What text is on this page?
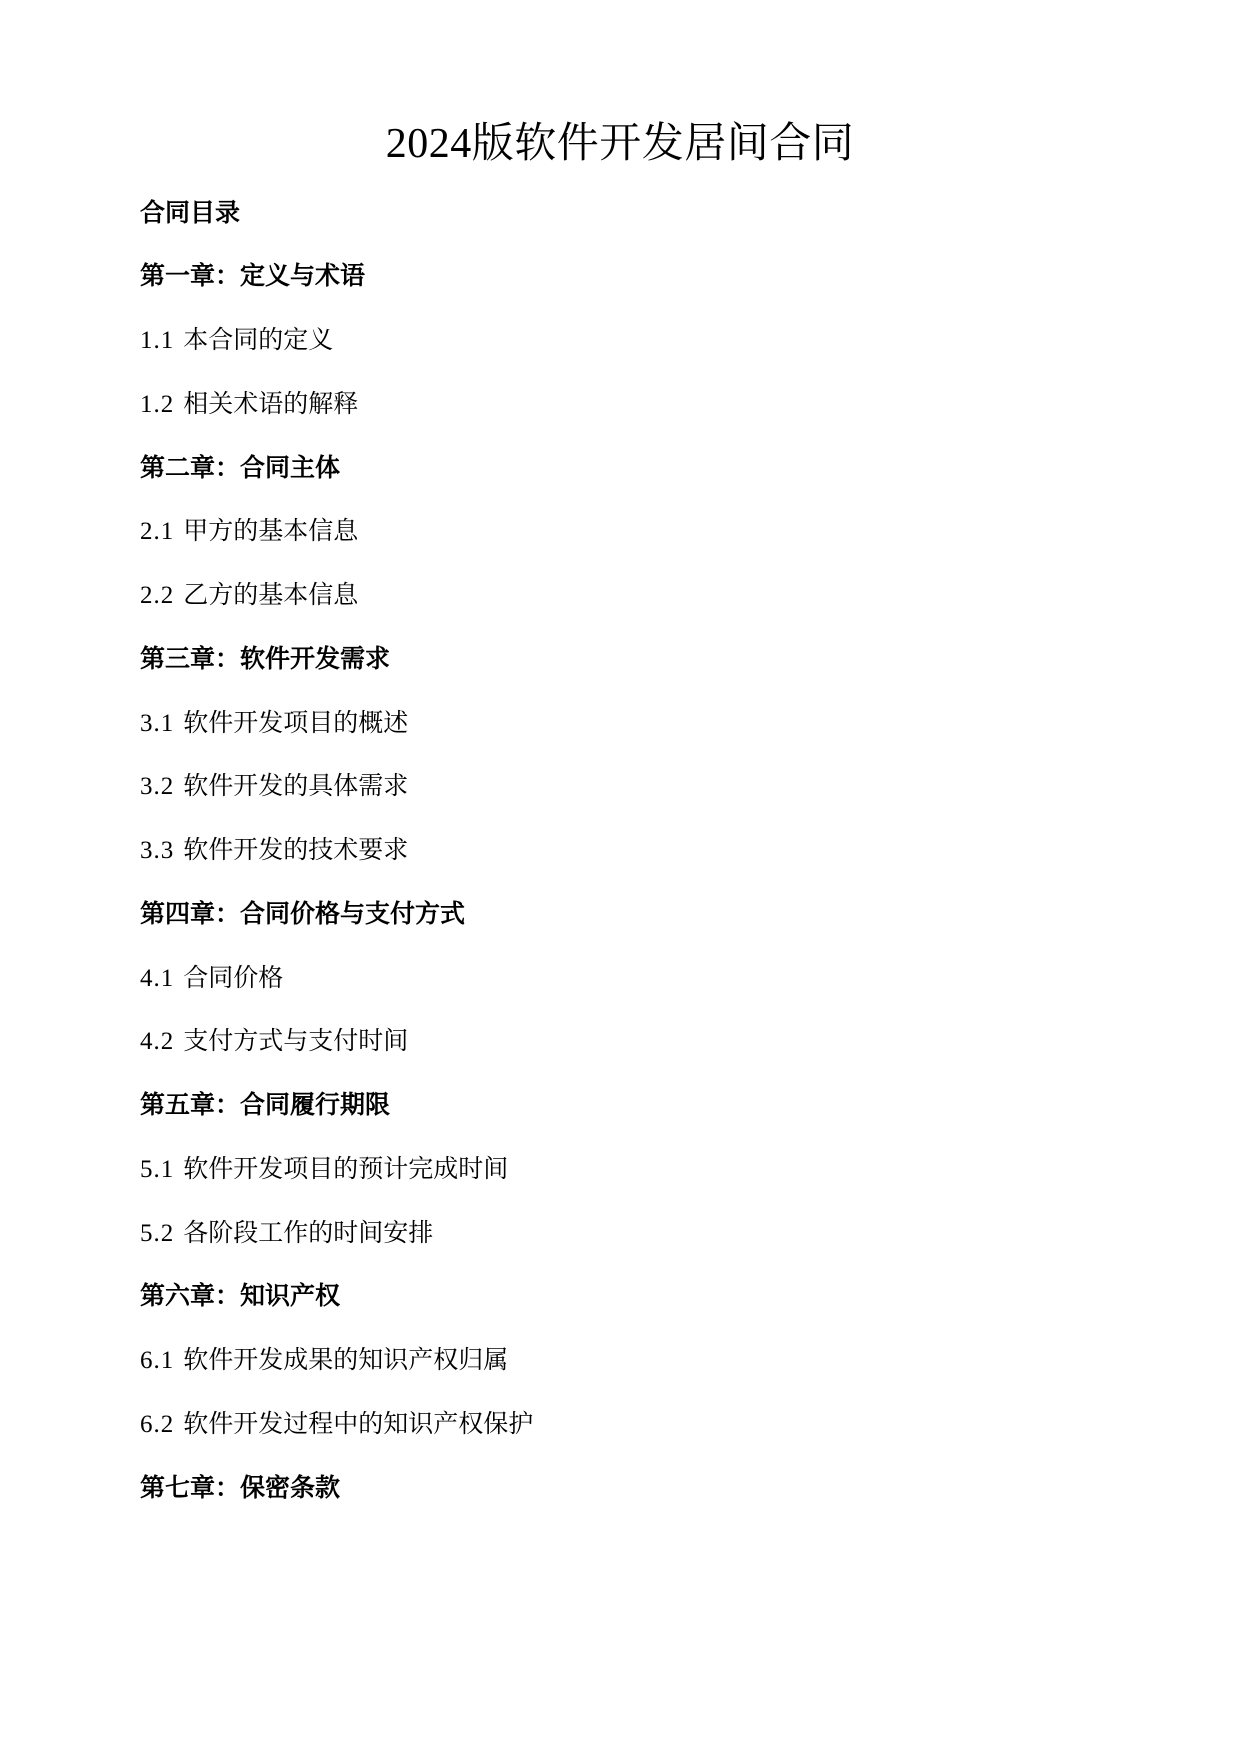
2024版软件开发居间合同
合同目录
第一章：定义与术语
1.1 本合同的定义
1.2 相关术语的解释
第二章：合同主体
2.1 甲方的基本信息
2.2 乙方的基本信息
第三章：软件开发需求
3.1 软件开发项目的概述
3.2 软件开发的具体需求
3.3 软件开发的技术要求
第四章：合同价格与支付方式
4.1 合同价格
4.2 支付方式与支付时间
第五章：合同履行期限
5.1 软件开发项目的预计完成时间
5.2 各阶段工作的时间安排
第六章：知识产权
6.1 软件开发成果的知识产权归属
6.2 软件开发过程中的知识产权保护
第七章：保密条款
